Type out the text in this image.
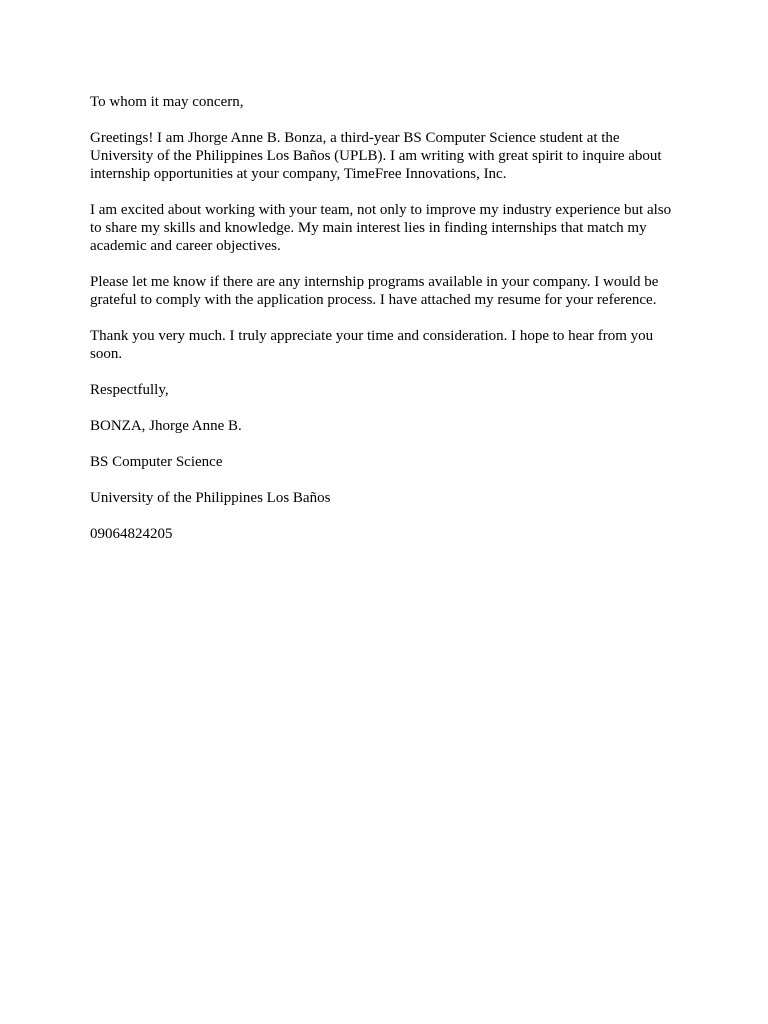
To whom it may concern,

Greetings! I am Jhorge Anne B. Bonza, a third-year BS Computer Science student at the University of the Philippines Los Baños (UPLB). I am writing with great spirit to inquire about internship opportunities at your company, TimeFree Innovations, Inc.

I am excited about working with your team, not only to improve my industry experience but also to share my skills and knowledge. My main interest lies in finding internships that match my academic and career objectives.

Please let me know if there are any internship programs available in your company. I would be grateful to comply with the application process. I have attached my resume for your reference.

Thank you very much. I truly appreciate your time and consideration. I hope to hear from you soon.

Respectfully,

BONZA, Jhorge Anne B.

BS Computer Science

University of the Philippines Los Baños

09064824205
